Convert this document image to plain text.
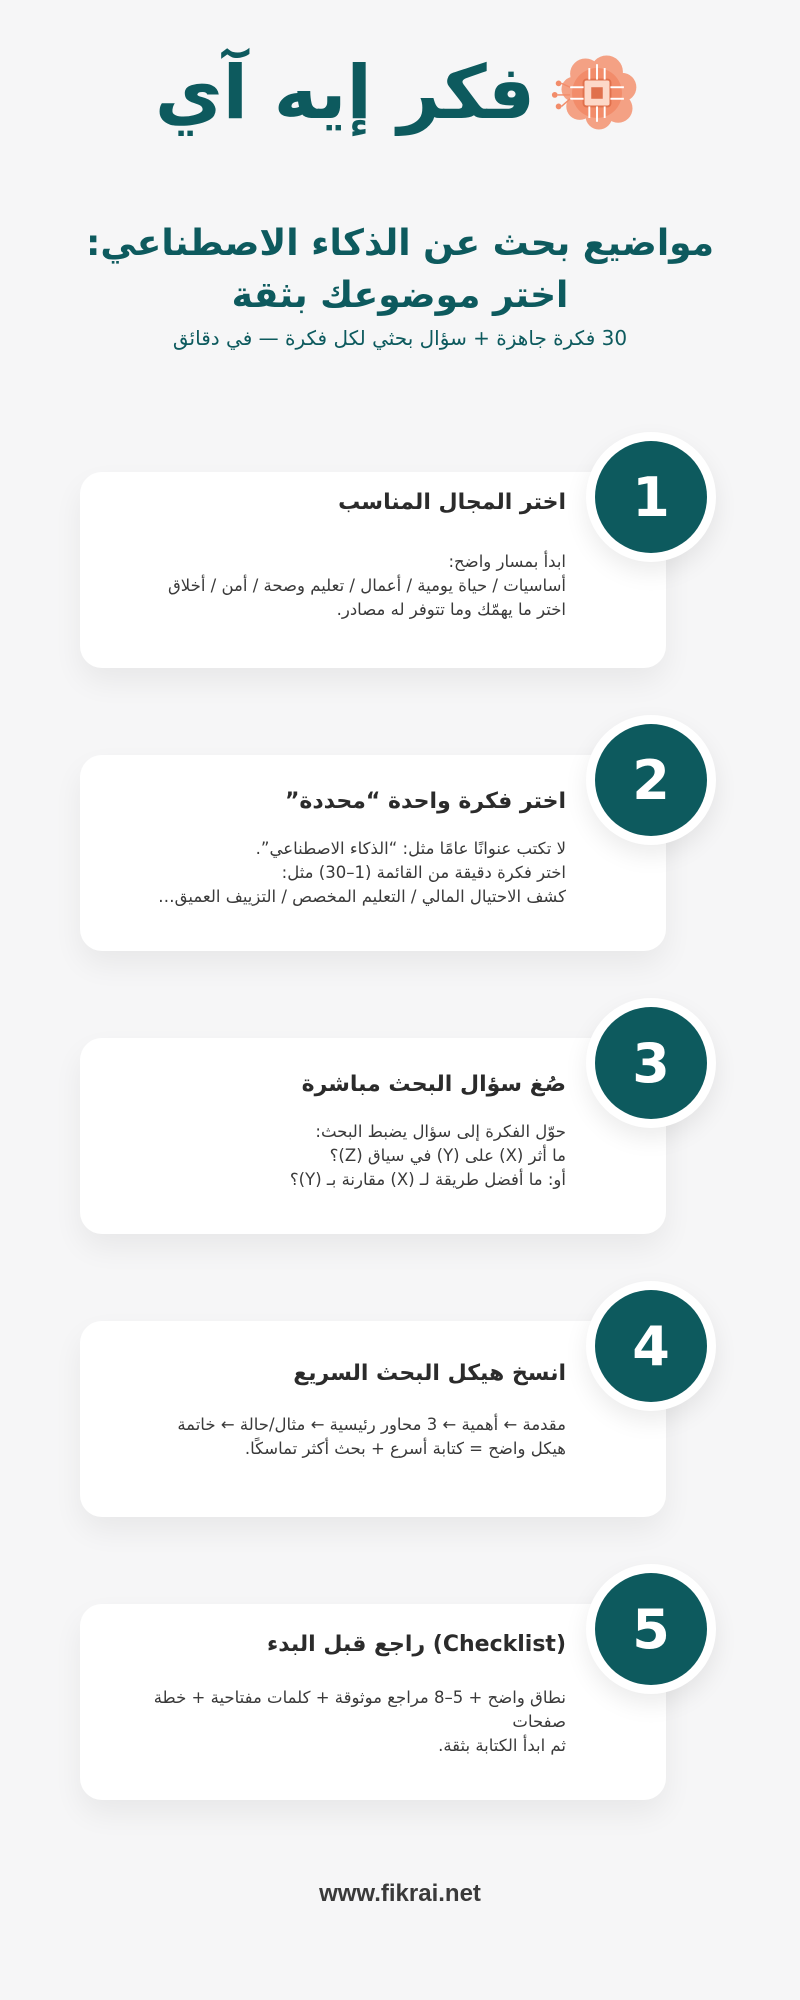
فكر إيه آي
مواضيع بحث عن الذكاء الاصطناعي: اختر موضوعك بثقة

30 فكرة جاهزة + سؤال بحثي لكل فكرة — في دقائق

اختر المجال المناسب
ابدأ بمسار واضح:
أساسيات / حياة يومية / أعمال / تعليم وصحة / أمن / أخلاق
اختر ما يهمّك وما تتوفر له مصادر.
1
اختر فكرة واحدة “محددة”
لا تكتب عنوانًا عامًا مثل: “الذكاء الاصطناعي”.
اختر فكرة دقيقة من القائمة (1–30) مثل:
كشف الاحتيال المالي / التعليم المخصص / التزييف العميق…
2
صُغ سؤال البحث مباشرة
حوّل الفكرة إلى سؤال يضبط البحث:
ما أثر (X) على (Y) في سياق (Z)؟
أو: ما أفضل طريقة لـ (X) مقارنة بـ (Y)؟
3
انسخ هيكل البحث السريع
مقدمة ← أهمية ← 3 محاور رئيسية ← مثال/حالة ← خاتمة
هيكل واضح = كتابة أسرع + بحث أكثر تماسكًا.
4
(Checklist) راجع قبل البدء
نطاق واضح + 5–8 مراجع موثوقة + كلمات مفتاحية + خطة صفحات
ثم ابدأ الكتابة بثقة.
5
www.fikrai.net
